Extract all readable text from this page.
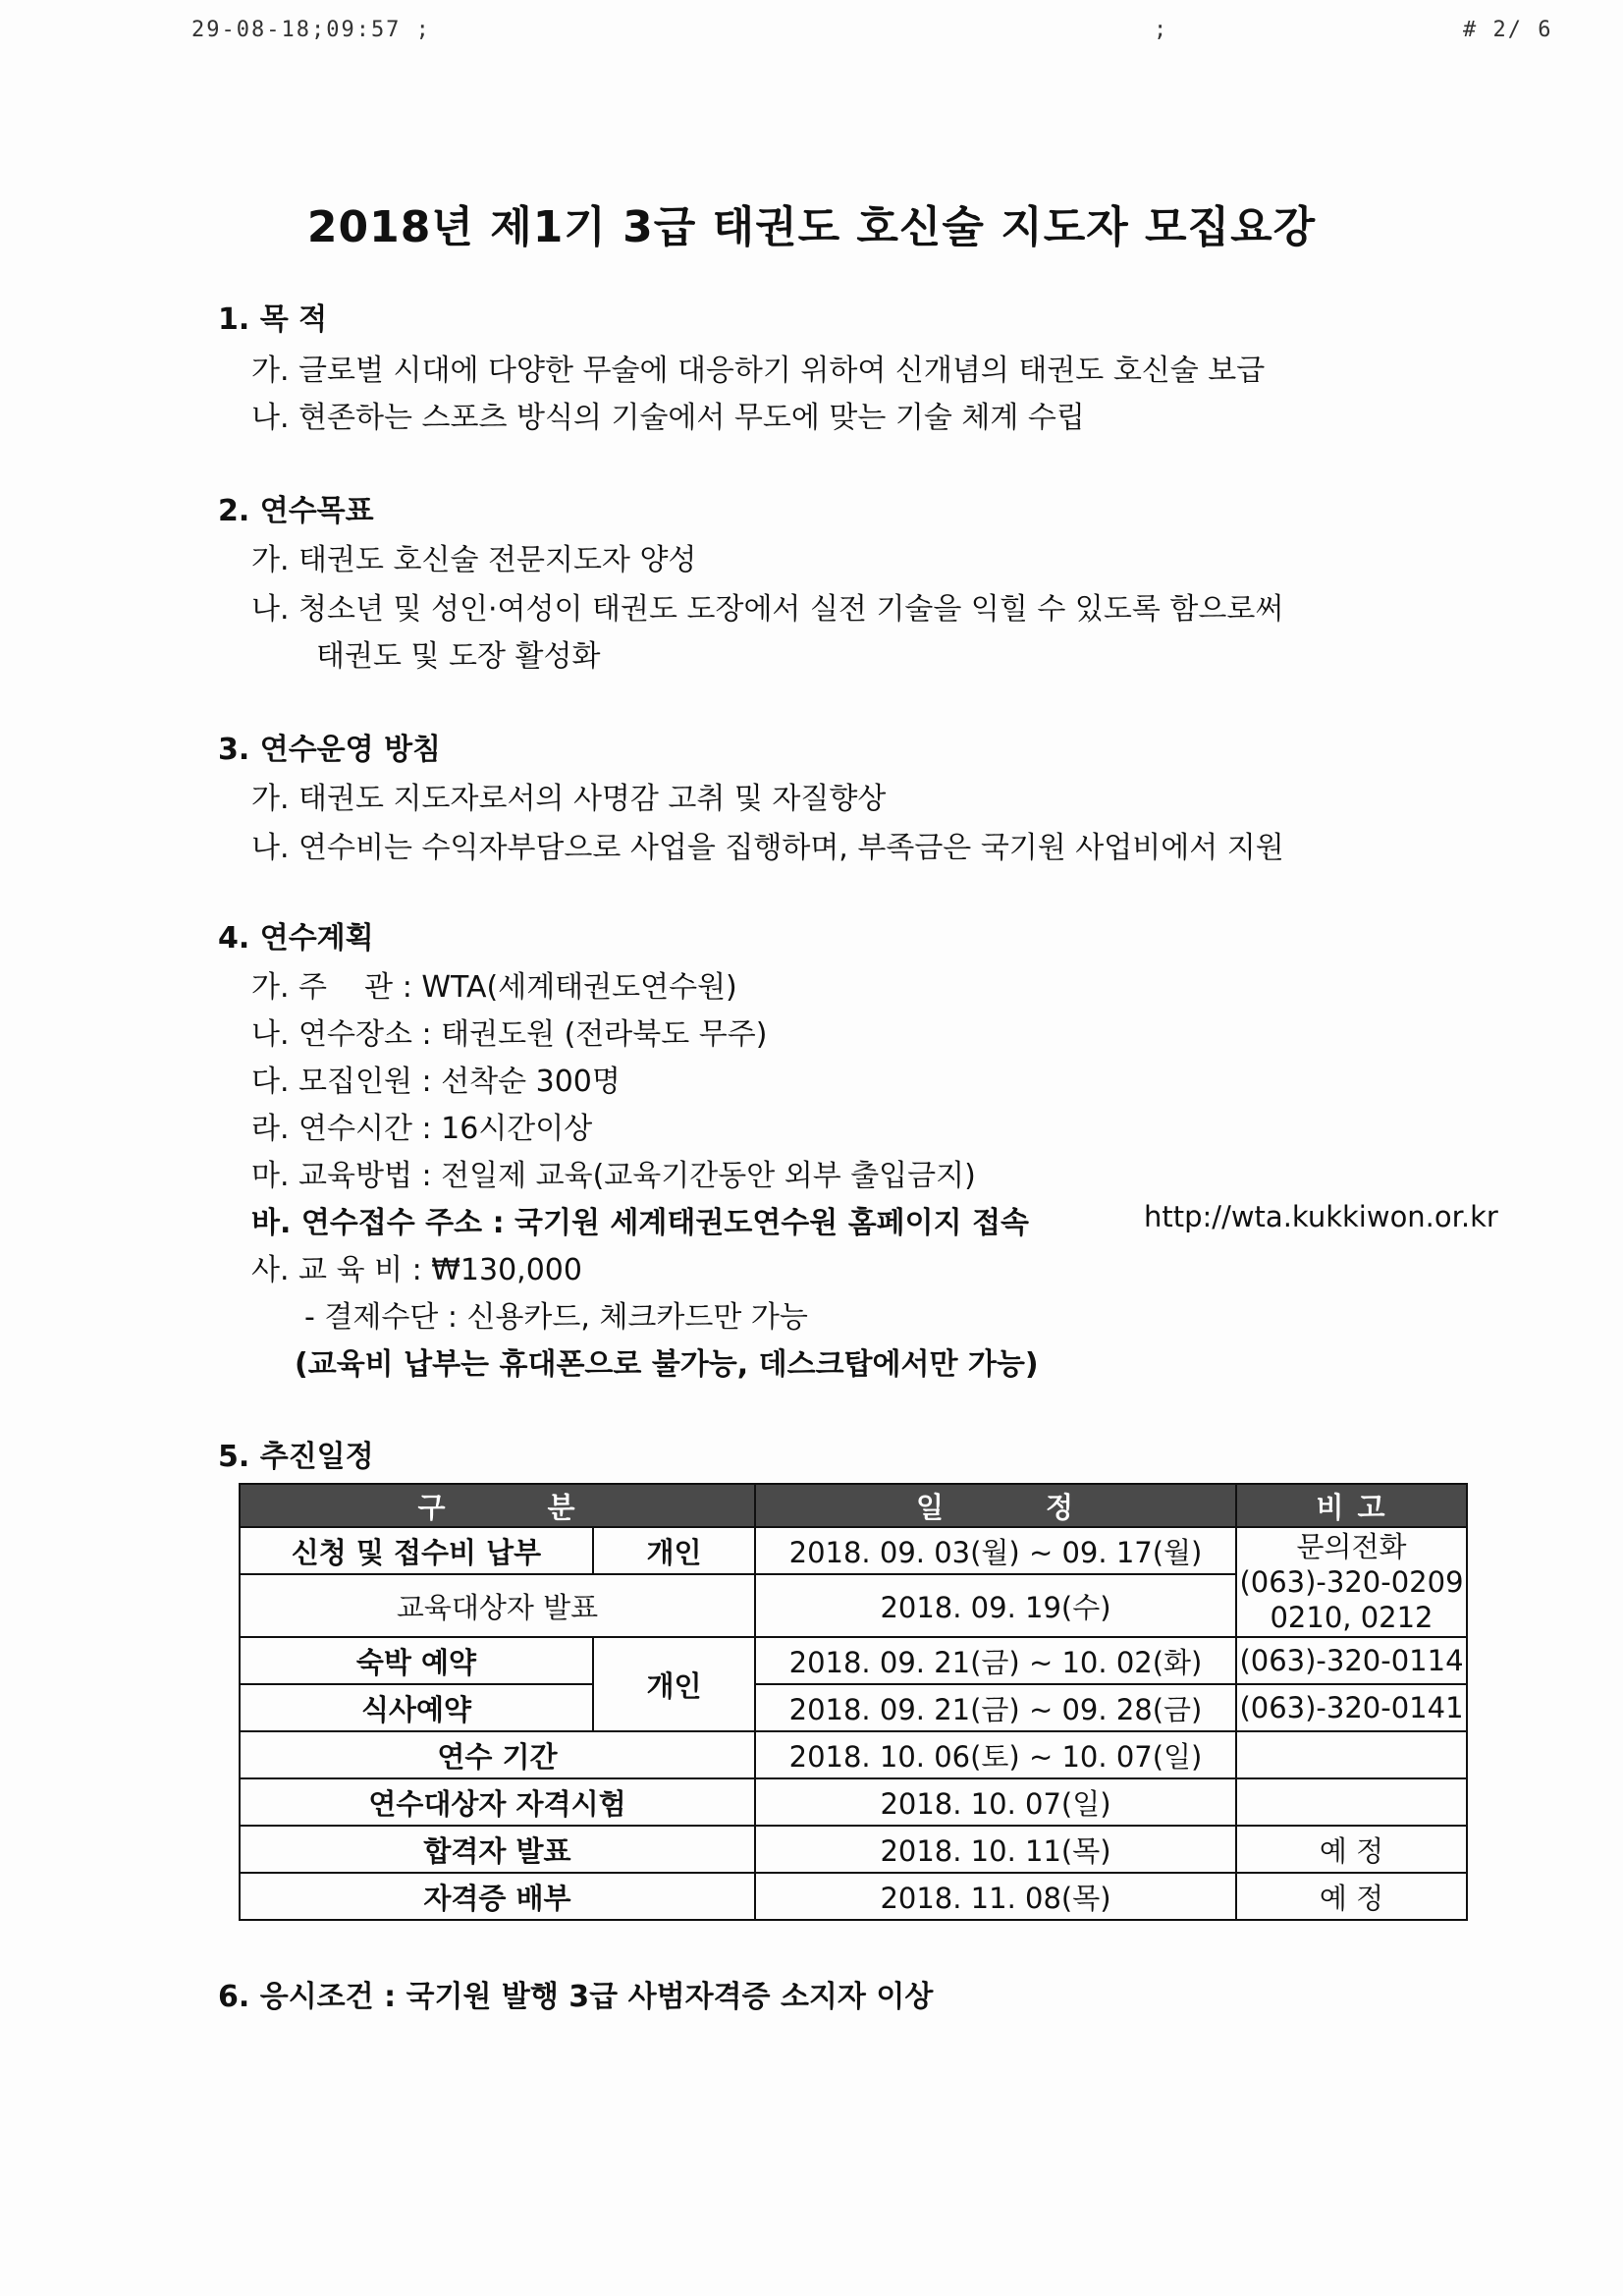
29-08-18;09:57 ;	;	# 2/ 6
2018년 제1기 3급 태권도 호신술 지도자 모집요강
1. 목 적
가. 글로벌 시대에 다양한 무술에 대응하기 위하여 신개념의 태권도 호신술 보급
나. 현존하는 스포츠 방식의 기술에서 무도에 맞는 기술 체계 수립
2. 연수목표
가. 태권도 호신술 전문지도자 양성
나. 청소년 및 성인·여성이 태권도 도장에서 실전 기술을 익힐 수 있도록 함으로써
태권도 및 도장 활성화
3. 연수운영 방침
가. 태권도 지도자로서의 사명감 고취 및 자질향상
나. 연수비는 수익자부담으로 사업을 집행하며, 부족금은 국기원 사업비에서 지원
4. 연수계획
가. 주    관 : WTA(세계태권도연수원)
나. 연수장소 : 태권도원 (전라북도 무주)
다. 모집인원 : 선착순 300명
라. 연수시간 : 16시간이상
마. 교육방법 : 전일제 교육(교육기간동안 외부 출입금지)
바. 연수접수 주소 : 국기원 세계태권도연수원 홈페이지 접속	http://wta.kukkiwon.or.kr
사. 교 육 비 : ₩130,000
- 결제수단 : 신용카드, 체크카드만 가능
(교육비 납부는 휴대폰으로 불가능, 데스크탑에서만 가능)
5. 추진일정
구 분		일 정	비 고
신청 및 접수비 납부	개인	2018. 09. 03(월) ~ 09. 17(월)	문의전화
(063)-320-0209
0210, 0212

교육대상자 발표		2018. 09. 19(수)	
숙박 예약	개인	2018. 09. 21(금) ~ 10. 02(화)	(063)-320-0114
식사예약		2018. 09. 21(금) ~ 09. 28(금)	(063)-320-0141
연수 기간		2018. 10. 06(토) ~ 10. 07(일)	
연수대상자 자격시험		2018. 10. 07(일)	
합격자 발표		2018. 10. 11(목)	예 정
자격증 배부		2018. 11. 08(목)	예 정
6. 응시조건 : 국기원 발행 3급 사범자격증 소지자 이상
